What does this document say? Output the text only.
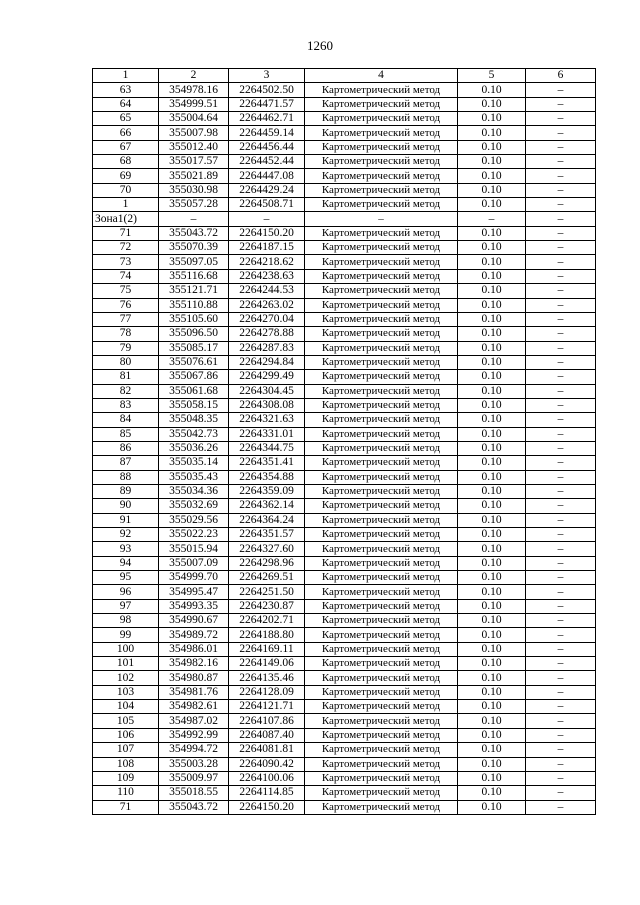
1260
1	2	3	4	5	6
63	354978.16	2264502.50	Картометрический метод	0.10	–
64	354999.51	2264471.57	Картометрический метод	0.10	–
65	355004.64	2264462.71	Картометрический метод	0.10	–
66	355007.98	2264459.14	Картометрический метод	0.10	–
67	355012.40	2264456.44	Картометрический метод	0.10	–
68	355017.57	2264452.44	Картометрический метод	0.10	–
69	355021.89	2264447.08	Картометрический метод	0.10	–
70	355030.98	2264429.24	Картометрический метод	0.10	–
1	355057.28	2264508.71	Картометрический метод	0.10	–
Зона1(2)	–	–	–	–	–
71	355043.72	2264150.20	Картометрический метод	0.10	–
72	355070.39	2264187.15	Картометрический метод	0.10	–
73	355097.05	2264218.62	Картометрический метод	0.10	–
74	355116.68	2264238.63	Картометрический метод	0.10	–
75	355121.71	2264244.53	Картометрический метод	0.10	–
76	355110.88	2264263.02	Картометрический метод	0.10	–
77	355105.60	2264270.04	Картометрический метод	0.10	–
78	355096.50	2264278.88	Картометрический метод	0.10	–
79	355085.17	2264287.83	Картометрический метод	0.10	–
80	355076.61	2264294.84	Картометрический метод	0.10	–
81	355067.86	2264299.49	Картометрический метод	0.10	–
82	355061.68	2264304.45	Картометрический метод	0.10	–
83	355058.15	2264308.08	Картометрический метод	0.10	–
84	355048.35	2264321.63	Картометрический метод	0.10	–
85	355042.73	2264331.01	Картометрический метод	0.10	–
86	355036.26	2264344.75	Картометрический метод	0.10	–
87	355035.14	2264351.41	Картометрический метод	0.10	–
88	355035.43	2264354.88	Картометрический метод	0.10	–
89	355034.36	2264359.09	Картометрический метод	0.10	–
90	355032.69	2264362.14	Картометрический метод	0.10	–
91	355029.56	2264364.24	Картометрический метод	0.10	–
92	355022.23	2264351.57	Картометрический метод	0.10	–
93	355015.94	2264327.60	Картометрический метод	0.10	–
94	355007.09	2264298.96	Картометрический метод	0.10	–
95	354999.70	2264269.51	Картометрический метод	0.10	–
96	354995.47	2264251.50	Картометрический метод	0.10	–
97	354993.35	2264230.87	Картометрический метод	0.10	–
98	354990.67	2264202.71	Картометрический метод	0.10	–
99	354989.72	2264188.80	Картометрический метод	0.10	–
100	354986.01	2264169.11	Картометрический метод	0.10	–
101	354982.16	2264149.06	Картометрический метод	0.10	–
102	354980.87	2264135.46	Картометрический метод	0.10	–
103	354981.76	2264128.09	Картометрический метод	0.10	–
104	354982.61	2264121.71	Картометрический метод	0.10	–
105	354987.02	2264107.86	Картометрический метод	0.10	–
106	354992.99	2264087.40	Картометрический метод	0.10	–
107	354994.72	2264081.81	Картометрический метод	0.10	–
108	355003.28	2264090.42	Картометрический метод	0.10	–
109	355009.97	2264100.06	Картометрический метод	0.10	–
110	355018.55	2264114.85	Картометрический метод	0.10	–
71	355043.72	2264150.20	Картометрический метод	0.10	–
